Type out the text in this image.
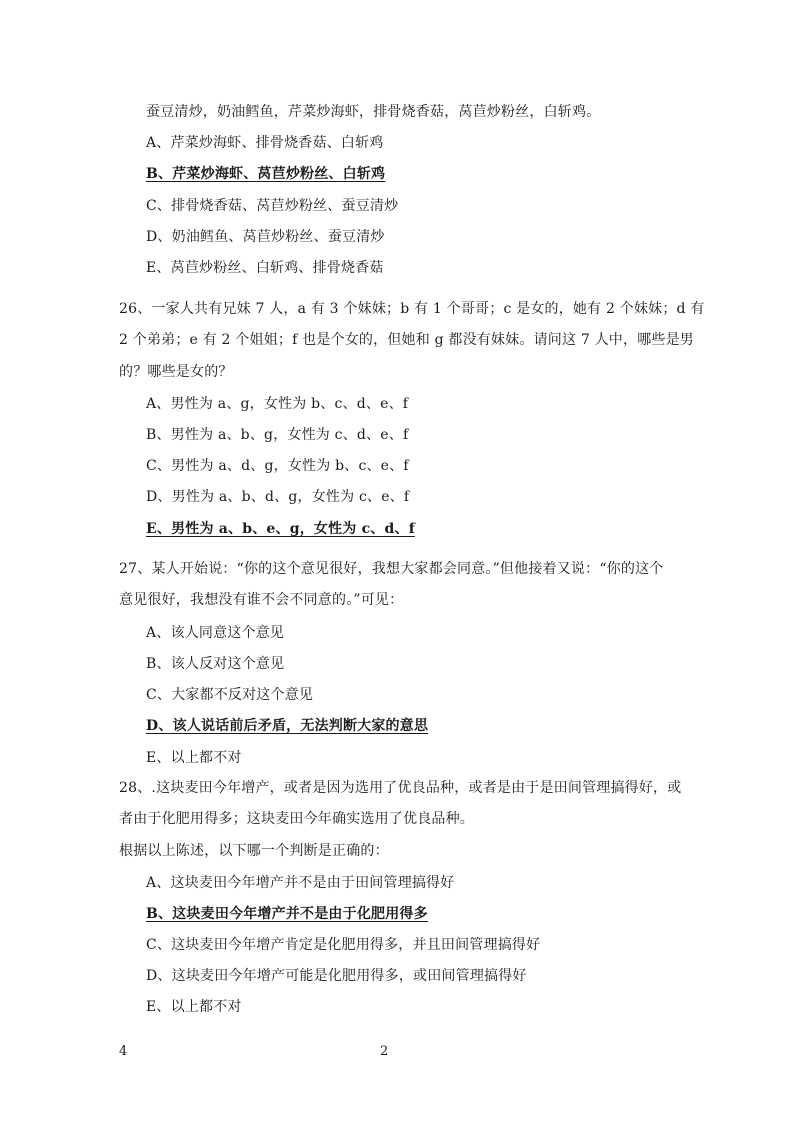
蚕豆清炒，奶油鳕鱼，芹菜炒海虾，排骨烧香菇，莴苣炒粉丝，白斩鸡。
A、芹菜炒海虾、排骨烧香菇、白斩鸡
B、芹菜炒海虾、莴苣炒粉丝、白斩鸡
C、排骨烧香菇、莴苣炒粉丝、蚕豆清炒
D、奶油鳕鱼、莴苣炒粉丝、蚕豆清炒
E、莴苣炒粉丝、白斩鸡、排骨烧香菇
26、一家人共有兄妹 7 人，a 有 3 个妹妹；b 有 1 个哥哥；c 是女的，她有 2 个妹妹；d 有
2 个弟弟；e 有 2 个姐姐；f 也是个女的，但她和 g 都没有妹妹。请问这 7 人中，哪些是男
的？哪些是女的？
A、男性为 a、g，女性为 b、c、d、e、f
B、男性为 a、b、g，女性为 c、d、e、f
C、男性为 a、d、g，女性为 b、c、e、f
D、男性为 a、b、d、g，女性为 c、e、f
E、男性为 a、b、e、g，女性为 c、d、f
27、某人开始说：“你的这个意见很好，我想大家都会同意。”但他接着又说：“你的这个
意见很好，我想没有谁不会不同意的。”可见：
A、该人同意这个意见
B、该人反对这个意见
C、大家都不反对这个意见
D、该人说话前后矛盾，无法判断大家的意思
E、以上都不对
28、.这块麦田今年增产，或者是因为选用了优良品种，或者是由于是田间管理搞得好，或
者由于化肥用得多；这块麦田今年确实选用了优良品种。
根据以上陈述，以下哪一个判断是正确的：
A、这块麦田今年增产并不是由于田间管理搞得好
B、这块麦田今年增产并不是由于化肥用得多
C、这块麦田今年增产肯定是化肥用得多，并且田间管理搞得好
D、这块麦田今年增产可能是化肥用得多，或田间管理搞得好
E、以上都不对
4	2
